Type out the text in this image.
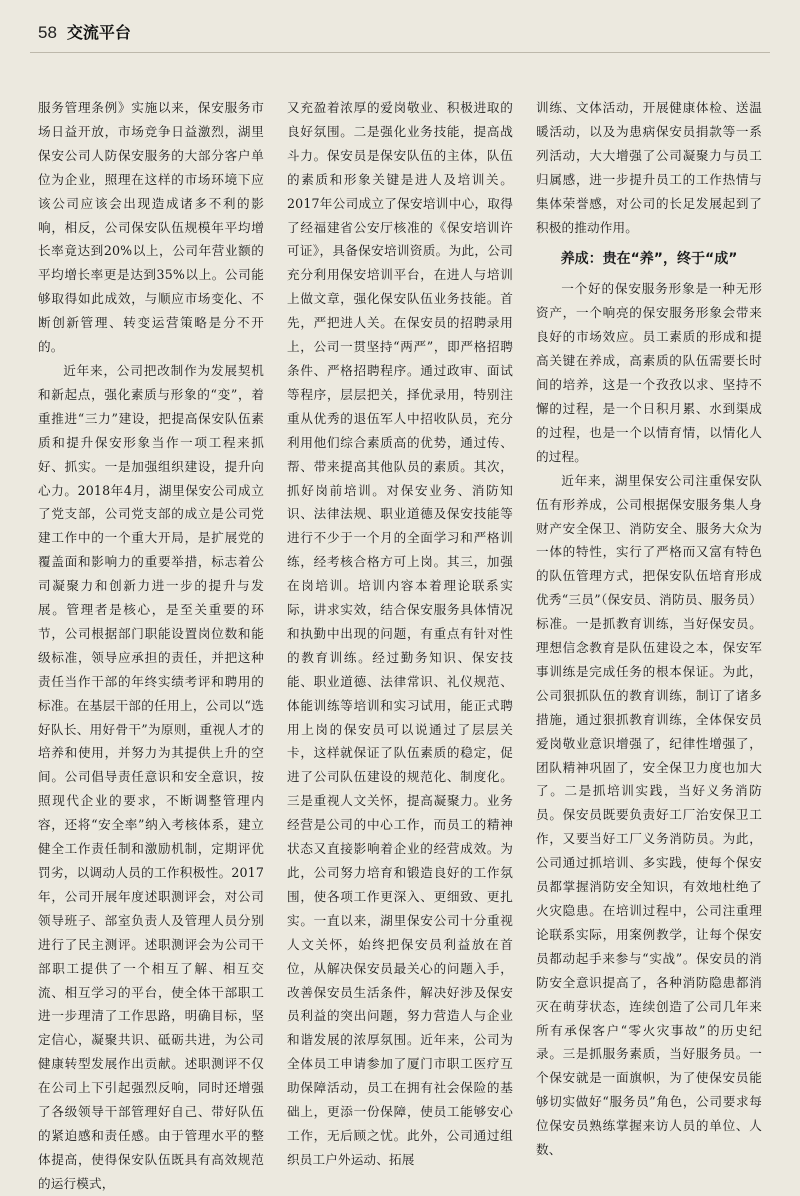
58 交流平台

服务管理条例》实施以来，保安服务市场日益开放，市场竞争日益激烈，湖里保安公司人防保安服务的大部分客户单位为企业，照理在这样的市场环境下应该公司应该会出现造成诸多不利的影响，相反，公司保安队伍规模年平均增长率竟达到20%以上，公司年营业额的平均增长率更是达到35%以上。公司能够取得如此成效，与顺应市场变化、不断创新管理、转变运营策略是分不开的。

近年来，公司把改制作为发展契机和新起点，强化素质与形象的“变”，着重推进“三力”建设，把提高保安队伍素质和提升保安形象当作一项工程来抓好、抓实。一是加强组织建设，提升向心力。2018年4月，湖里保安公司成立了党支部，公司党支部的成立是公司党建工作中的一个重大开局，是扩展党的覆盖面和影响力的重要举措，标志着公司凝聚力和创新力进一步的提升与发展。管理者是核心，是至关重要的环节，公司根据部门职能设置岗位数和能级标准，领导应承担的责任，并把这种责任当作干部的年终实绩考评和聘用的标准。在基层干部的任用上，公司以“选好队长、用好骨干”为原则，重视人才的培养和使用，并努力为其提供上升的空间。公司倡导责任意识和安全意识，按照现代企业的要求，不断调整管理内容，还将“安全率”纳入考核体系，建立健全工作责任制和激励机制，定期评优罚劣，以调动人员的工作积极性。2017年，公司开展年度述职测评会，对公司领导班子、部室负责人及管理人员分别进行了民主测评。述职测评会为公司干部职工提供了一个相互了解、相互交流、相互学习的平台，使全体干部职工进一步理清了工作思路，明确目标，坚定信心，凝聚共识、砥砺共进，为公司健康转型发展作出贡献。述职测评不仅在公司上下引起强烈反响，同时还增强了各级领导干部管理好自己、带好队伍的紧迫感和责任感。由于管理水平的整体提高，使得保安队伍既具有高效规范的运行模式，

又充盈着浓厚的爱岗敬业、积极进取的良好氛围。二是强化业务技能，提高战斗力。保安员是保安队伍的主体，队伍的素质和形象关键是进人及培训关。2017年公司成立了保安培训中心，取得了经福建省公安厅核准的《保安培训许可证》，具备保安培训资质。为此，公司充分利用保安培训平台，在进人与培训上做文章，强化保安队伍业务技能。首先，严把进人关。在保安员的招聘录用上，公司一贯坚持“两严”，即严格招聘条件、严格招聘程序。通过政审、面试等程序，层层把关，择优录用，特别注重从优秀的退伍军人中招收队员，充分利用他们综合素质高的优势，通过传、帮、带来提高其他队员的素质。其次，抓好岗前培训。对保安业务、消防知识、法律法规、职业道德及保安技能等进行不少于一个月的全面学习和严格训练，经考核合格方可上岗。其三，加强在岗培训。培训内容本着理论联系实际，讲求实效，结合保安服务具体情况和执勤中出现的问题，有重点有针对性的教育训练。经过勤务知识、保安技能、职业道德、法律常识、礼仪规范、体能训练等培训和实习试用，能正式聘用上岗的保安员可以说通过了层层关卡，这样就保证了队伍素质的稳定，促进了公司队伍建设的规范化、制度化。三是重视人文关怀，提高凝聚力。业务经营是公司的中心工作，而员工的精神状态又直接影响着企业的经营成效。为此，公司努力培育和锻造良好的工作氛围，使各项工作更深入、更细致、更扎实。一直以来，湖里保安公司十分重视人文关怀，始终把保安员利益放在首位，从解决保安员最关心的问题入手，改善保安员生活条件，解决好涉及保安员利益的突出问题，努力营造人与企业和谐发展的浓厚氛围。近年来，公司为全体员工申请参加了厦门市职工医疗互助保障活动，员工在拥有社会保险的基础上，更添一份保障，使员工能够安心工作，无后顾之忧。此外，公司通过组织员工户外运动、拓展

训练、文体活动，开展健康体检、送温暖活动，以及为患病保安员捐款等一系列活动，大大增强了公司凝聚力与员工归属感，进一步提升员工的工作热情与集体荣誉感，对公司的长足发展起到了积极的推动作用。

养成：贵在“养”，终于“成”

一个好的保安服务形象是一种无形资产，一个响亮的保安服务形象会带来良好的市场效应。员工素质的形成和提高关键在养成，高素质的队伍需要长时间的培养，这是一个孜孜以求、坚持不懈的过程，是一个日积月累、水到渠成的过程，也是一个以情育情，以情化人的过程。

近年来，湖里保安公司注重保安队伍有形养成，公司根据保安服务集人身财产安全保卫、消防安全、服务大众为一体的特性，实行了严格而又富有特色的队伍管理方式，把保安队伍培育形成优秀“三员”（保安员、消防员、服务员）标准。一是抓教育训练，当好保安员。理想信念教育是队伍建设之本，保安军事训练是完成任务的根本保证。为此，公司狠抓队伍的教育训练，制订了诸多措施，通过狠抓教育训练，全体保安员爱岗敬业意识增强了，纪律性增强了，团队精神巩固了，安全保卫力度也加大了。二是抓培训实践，当好义务消防员。保安员既要负责好工厂治安保卫工作，又要当好工厂义务消防员。为此，公司通过抓培训、多实践，使每个保安员都掌握消防安全知识，有效地杜绝了火灾隐患。在培训过程中，公司注重理论联系实际，用案例教学，让每个保安员都动起手来参与“实战”。保安员的消防安全意识提高了，各种消防隐患都消灭在萌芽状态，连续创造了公司几年来所有承保客户“零火灾事故”的历史纪录。三是抓服务素质，当好服务员。一个保安就是一面旗帜，为了使保安员能够切实做好“服务员”角色，公司要求每位保安员熟练掌握来访人员的单位、人数、
